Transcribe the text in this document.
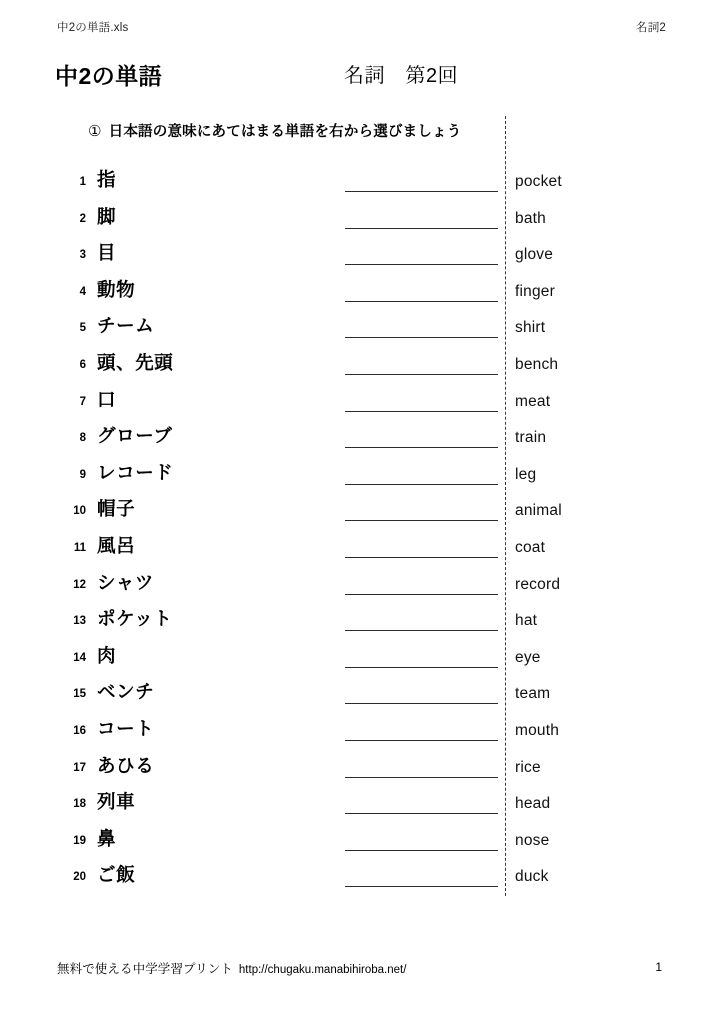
中2の単語.xls	名詞2
中2の単語	名詞　第2回
① 日本語の意味にあてはまる単語を右から選びましょう
1 指	pocket
2 脚	bath
3 目	glove
4 動物	finger
5 チーム	shirt
6 頭、先頭	bench
7 口	meat
8 グローブ	train
9 レコード	leg
10 帽子	animal
11 風呂	coat
12 シャツ	record
13 ポケット	hat
14 肉	eye
15 ベンチ	team
16 コート	mouth
17 あひる	rice
18 列車	head
19 鼻	nose
20 ご飯	duck
無料で使える中学学習プリント http://chugaku.manabihiroba.net/	1
